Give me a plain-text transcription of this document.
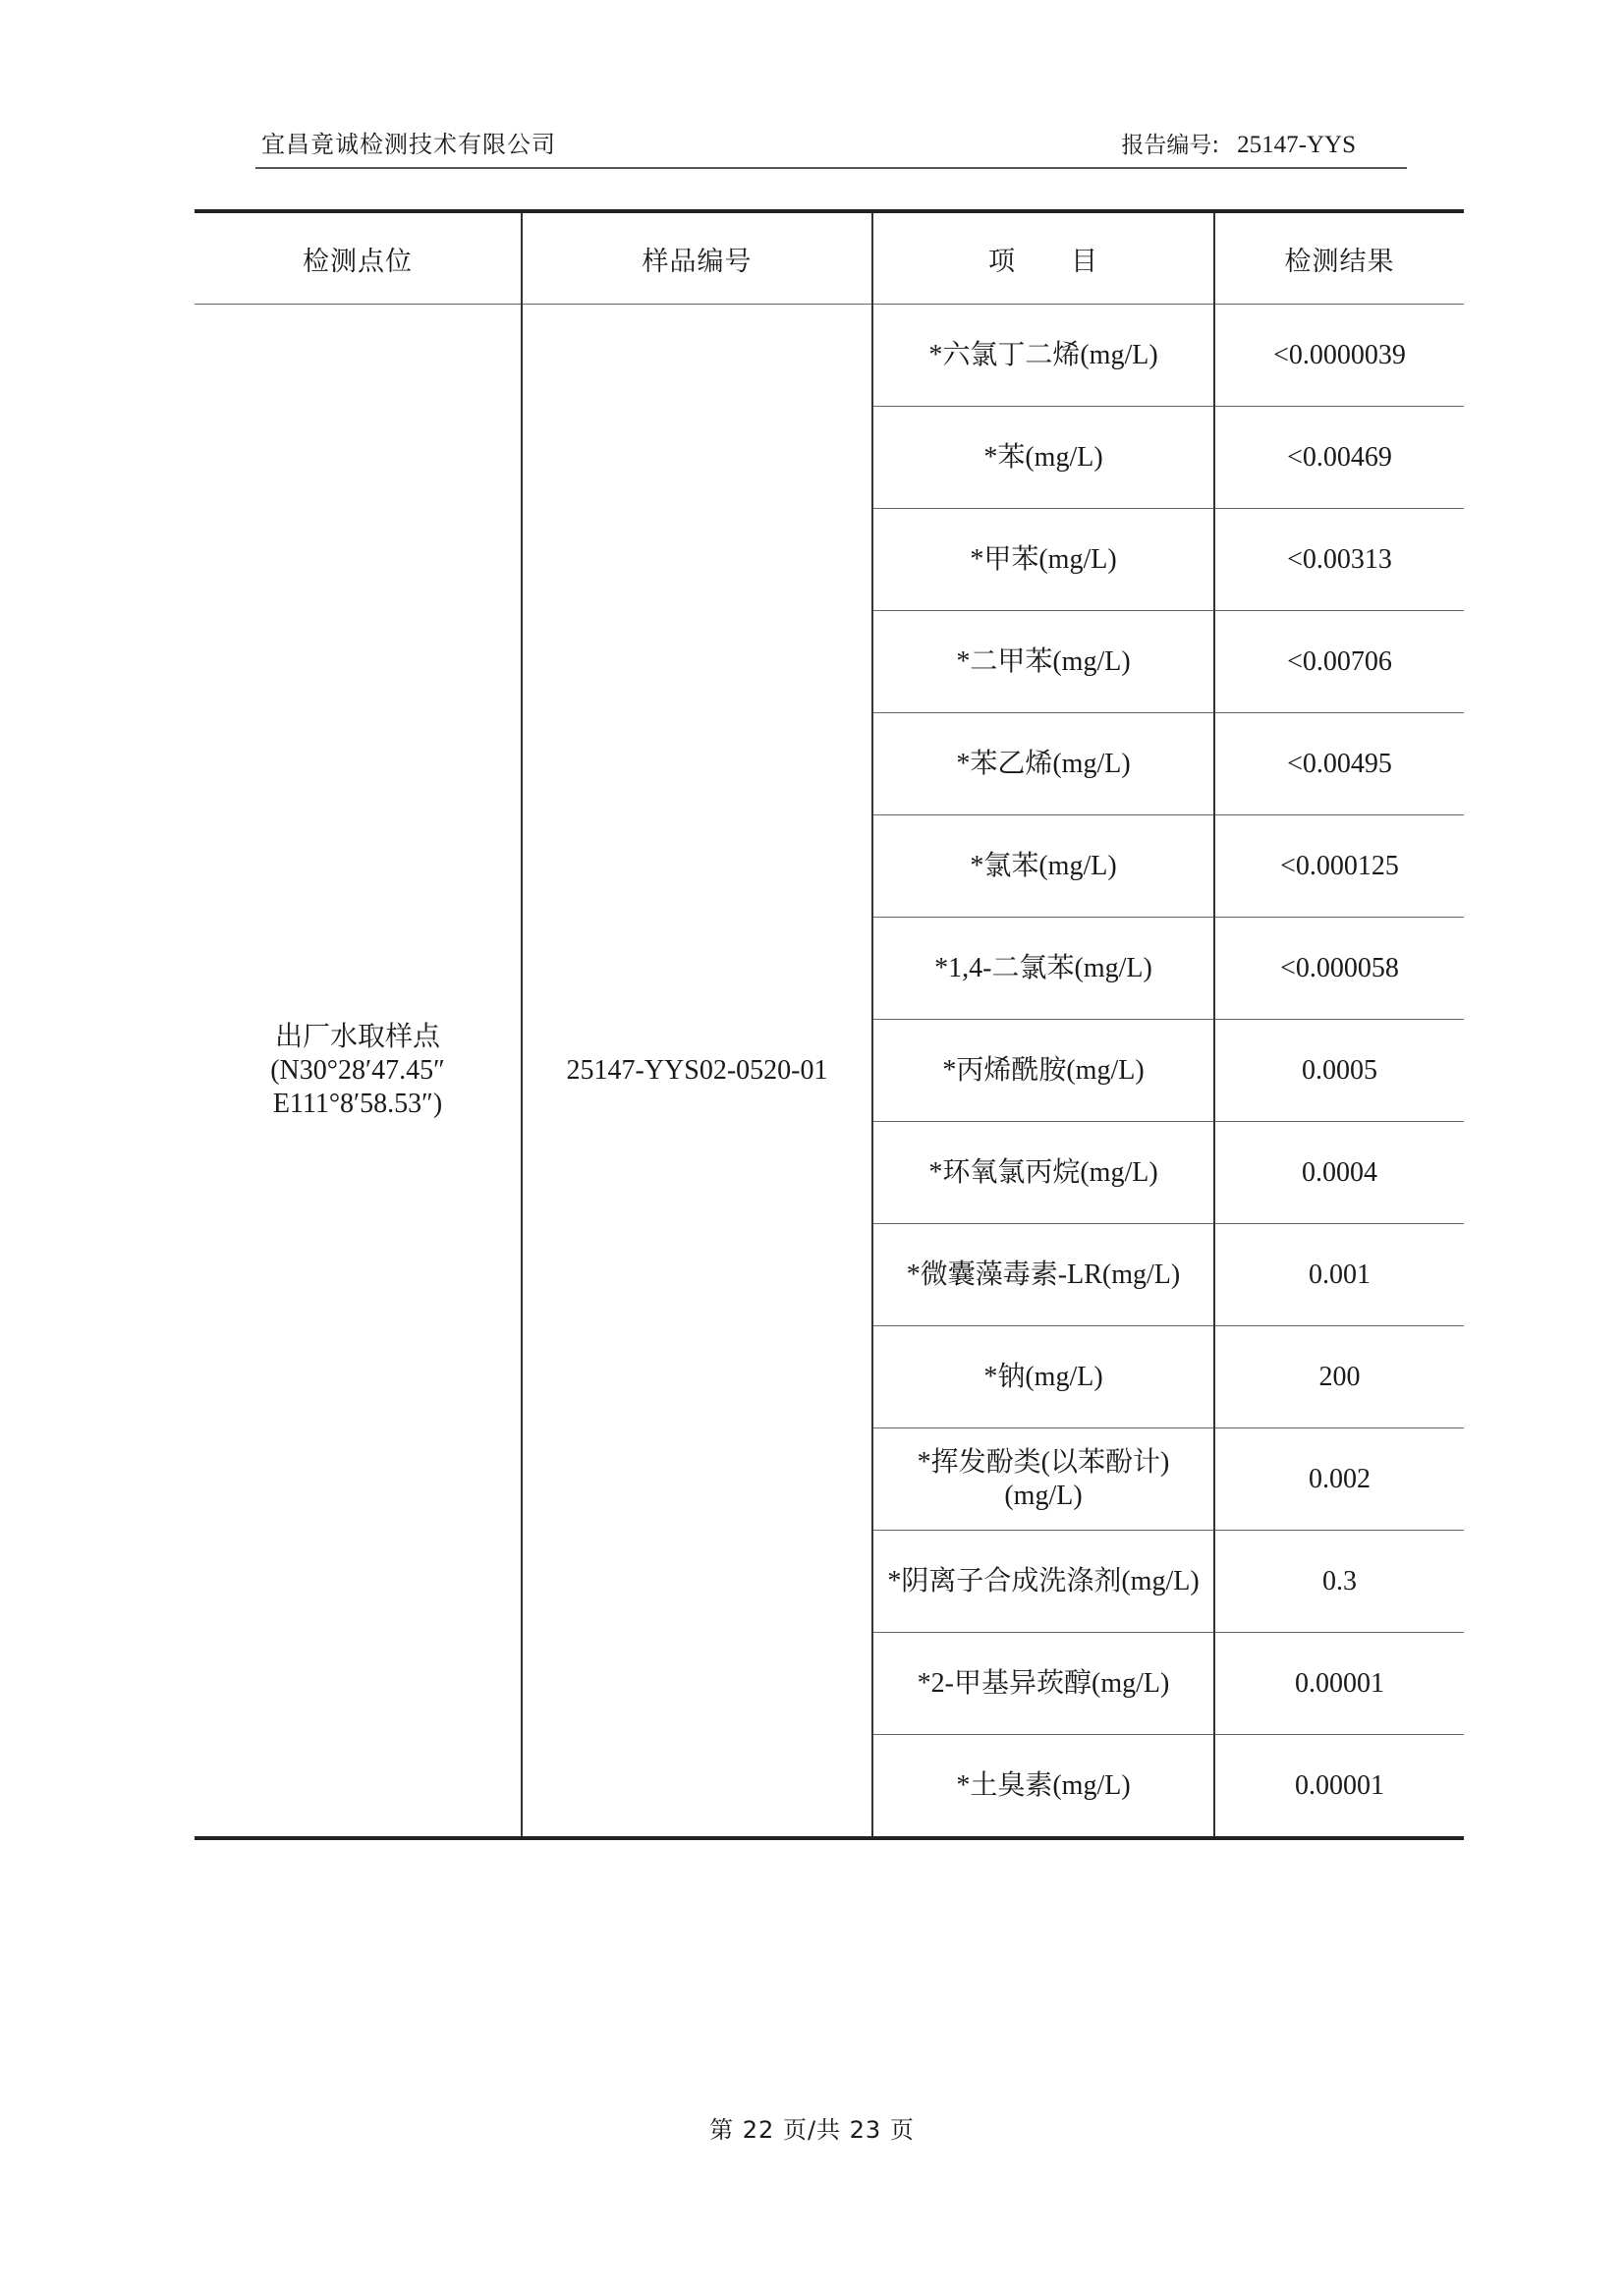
宜昌竟诚检测技术有限公司	报告编号: 25147-YYS
检测点位	样品编号	项　　目	检测结果

出厂水取样点
(N30°28′47.45″
E111°8′58.53″)	25147-YYS02-0520-01	*六氯丁二烯(mg/L)	<0.0000039
		*苯(mg/L)	<0.00469
		*甲苯(mg/L)	<0.00313
		*二甲苯(mg/L)	<0.00706
		*苯乙烯(mg/L)	<0.00495
		*氯苯(mg/L)	<0.000125
		*1,4-二氯苯(mg/L)	<0.000058
		*丙烯酰胺(mg/L)	0.0005
		*环氧氯丙烷(mg/L)	0.0004
		*微囊藻毒素-LR(mg/L)	0.001
		*钠(mg/L)	200
		*挥发酚类(以苯酚计)(mg/L)	0.002
		*阴离子合成洗涤剂(mg/L)	0.3
		*2-甲基异莰醇(mg/L)	0.00001
		*土臭素(mg/L)	0.00001
第 22 页/共 23 页
